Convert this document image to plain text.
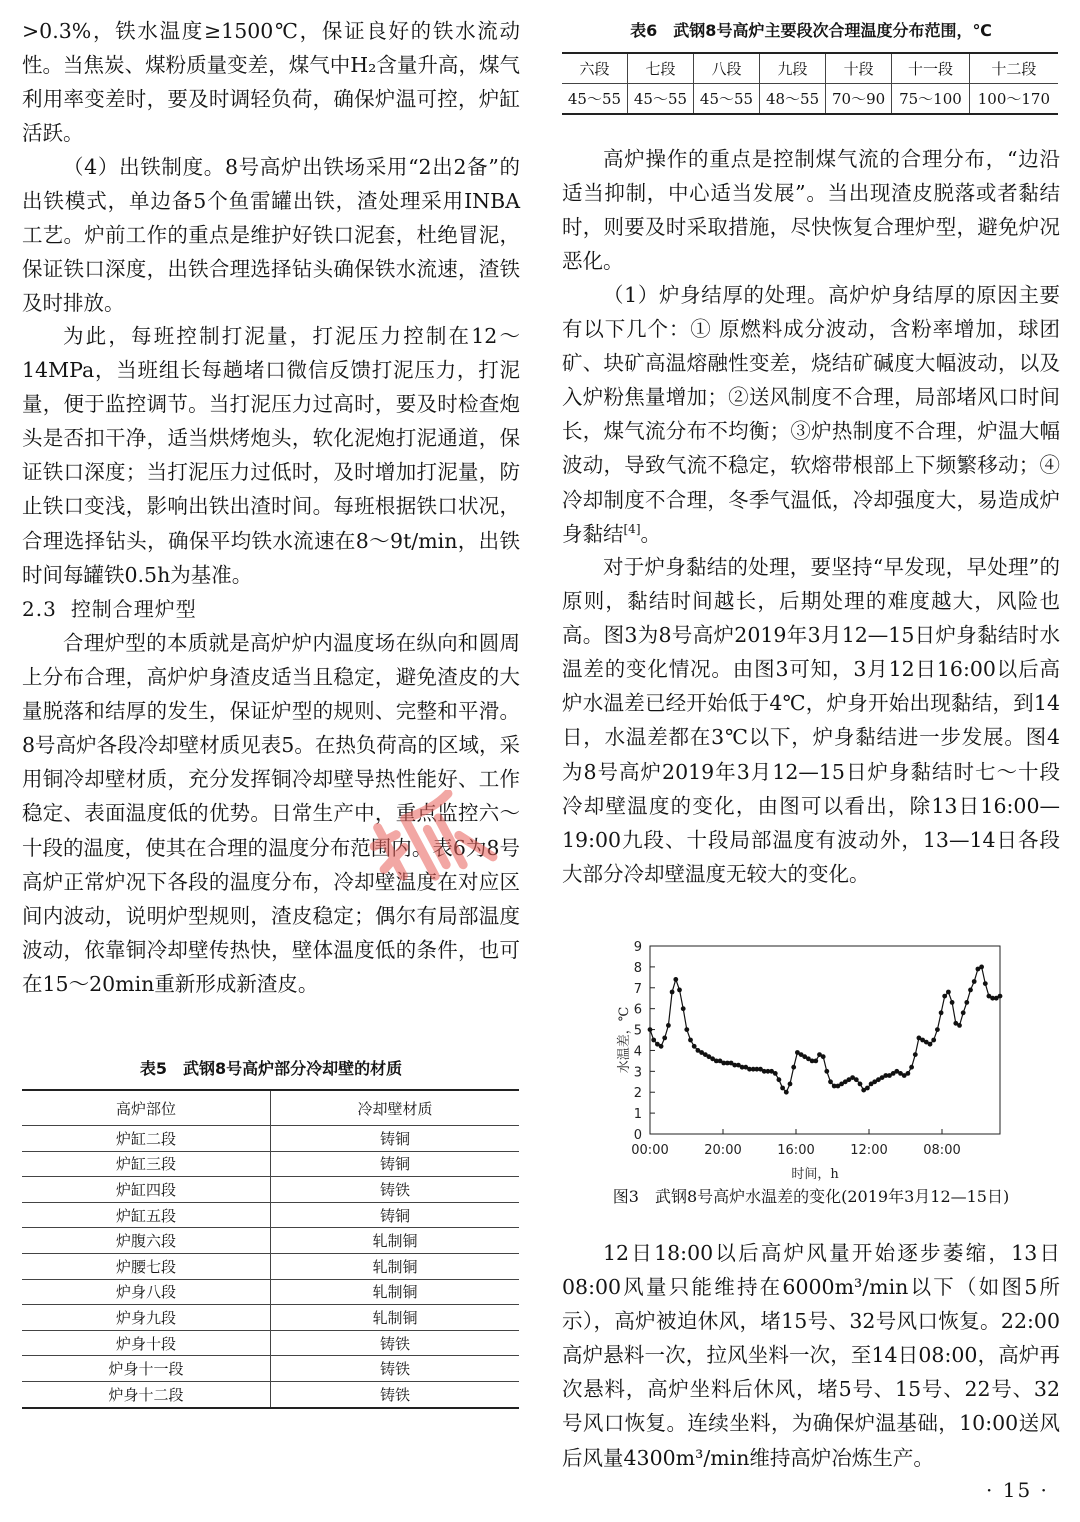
>0.3%，铁水温度≥1500℃，保证良好的铁水流动性。当焦炭、煤粉质量变差，煤气中H₂含量升高，煤气利用率变差时，要及时调轻负荷，确保炉温可控，炉缸活跃。

（4）出铁制度。8号高炉出铁场采用“2出2备”的出铁模式，单边备5个鱼雷罐出铁，渣处理采用INBA工艺。炉前工作的重点是维护好铁口泥套，杜绝冒泥，保证铁口深度，出铁合理选择钻头确保铁水流速，渣铁及时排放。

为此，每班控制打泥量，打泥压力控制在12～14MPa，当班组长每趟堵口微信反馈打泥压力，打泥量，便于监控调节。当打泥压力过高时，要及时检查炮头是否扣干净，适当烘烤炮头，软化泥炮打泥通道，保证铁口深度；当打泥压力过低时，及时增加打泥量，防止铁口变浅，影响出铁出渣时间。每班根据铁口状况，合理选择钻头，确保平均铁水流速在8～9t/min，出铁时间每罐铁0.5h为基准。

2.3 控制合理炉型

合理炉型的本质就是高炉炉内温度场在纵向和圆周上分布合理，高炉炉身渣皮适当且稳定，避免渣皮的大量脱落和结厚的发生，保证炉型的规则、完整和平滑。8号高炉各段冷却壁材质见表5。在热负荷高的区域，采用铜冷却壁材质，充分发挥铜冷却壁导热性能好、工作稳定、表面温度低的优势。日常生产中，重点监控六～十段的温度，使其在合理的温度分布范围内。表6为8号高炉正常炉况下各段的温度分布，冷却壁温度在对应区间内波动，说明炉型规则，渣皮稳定；偶尔有局部温度波动，依靠铜冷却壁传热快，壁体温度低的条件，也可在15～20min重新形成新渣皮。

表5　武钢8号高炉部分冷却壁的材质
高炉部位	冷却壁材质
炉缸二段	铸铜
炉缸三段	铸铜
炉缸四段	铸铁
炉缸五段	铸铜
炉腹六段	轧制铜
炉腰七段	轧制铜
炉身八段	轧制铜
炉身九段	轧制铜
炉身十段	铸铁
炉身十一段	铸铁
炉身十二段	铸铁
表6　武钢8号高炉主要段次合理温度分布范围，℃
六段	七段	八段	九段	十段	十一段	十二段
45～55	45～55	45～55	48～55	70～90	75～100	100～170

高炉操作的重点是控制煤气流的合理分布，“边沿适当抑制，中心适当发展”。当出现渣皮脱落或者黏结时，则要及时采取措施，尽快恢复合理炉型，避免炉况恶化。

（1）炉身结厚的处理。高炉炉身结厚的原因主要有以下几个：① 原燃料成分波动，含粉率增加，球团矿、块矿高温熔融性变差，烧结矿碱度大幅波动，以及入炉粉焦量增加；②送风制度不合理，局部堵风口时间长，煤气流分布不均衡；③炉热制度不合理，炉温大幅波动，导致气流不稳定，软熔带根部上下频繁移动；④冷却制度不合理，冬季气温低，冷却强度大，易造成炉身黏结[4]。

对于炉身黏结的处理，要坚持“早发现，早处理”的原则，黏结时间越长，后期处理的难度越大，风险也高。图3为8号高炉2019年3月12—15日炉身黏结时水温差的变化情况。由图3可知，3月12日16:00以后高炉水温差已经开始低于4℃，炉身开始出现黏结，到14日，水温差都在3℃以下，炉身黏结进一步发展。图4为8号高炉2019年3月12—15日炉身黏结时七～十段冷却壁温度的变化，由图可以看出，除13日16:00—19:00九段、十段局部温度有波动外，13—14日各段大部分冷却壁温度无较大的变化。

0
1
2
3
4
5
6
7
8
9
00:00	20:00	16:00	12:00	08:00
时间，h
水温差，℃
图3　武钢8号高炉水温差的变化(2019年3月12—15日)

12日18:00以后高炉风量开始逐步萎缩，13日08:00风量只能维持在6000m³/min以下（如图5所示），高炉被迫休风，堵15号、32号风口恢复。22:00高炉悬料一次，拉风坐料一次，至14日08:00，高炉再次悬料，高炉坐料后休风，堵5号、15号、22号、32号风口恢复。连续坐料，为确保炉温基础，10:00送风后风量4300m³/min维持高炉冶炼生产。

· 15 ·
